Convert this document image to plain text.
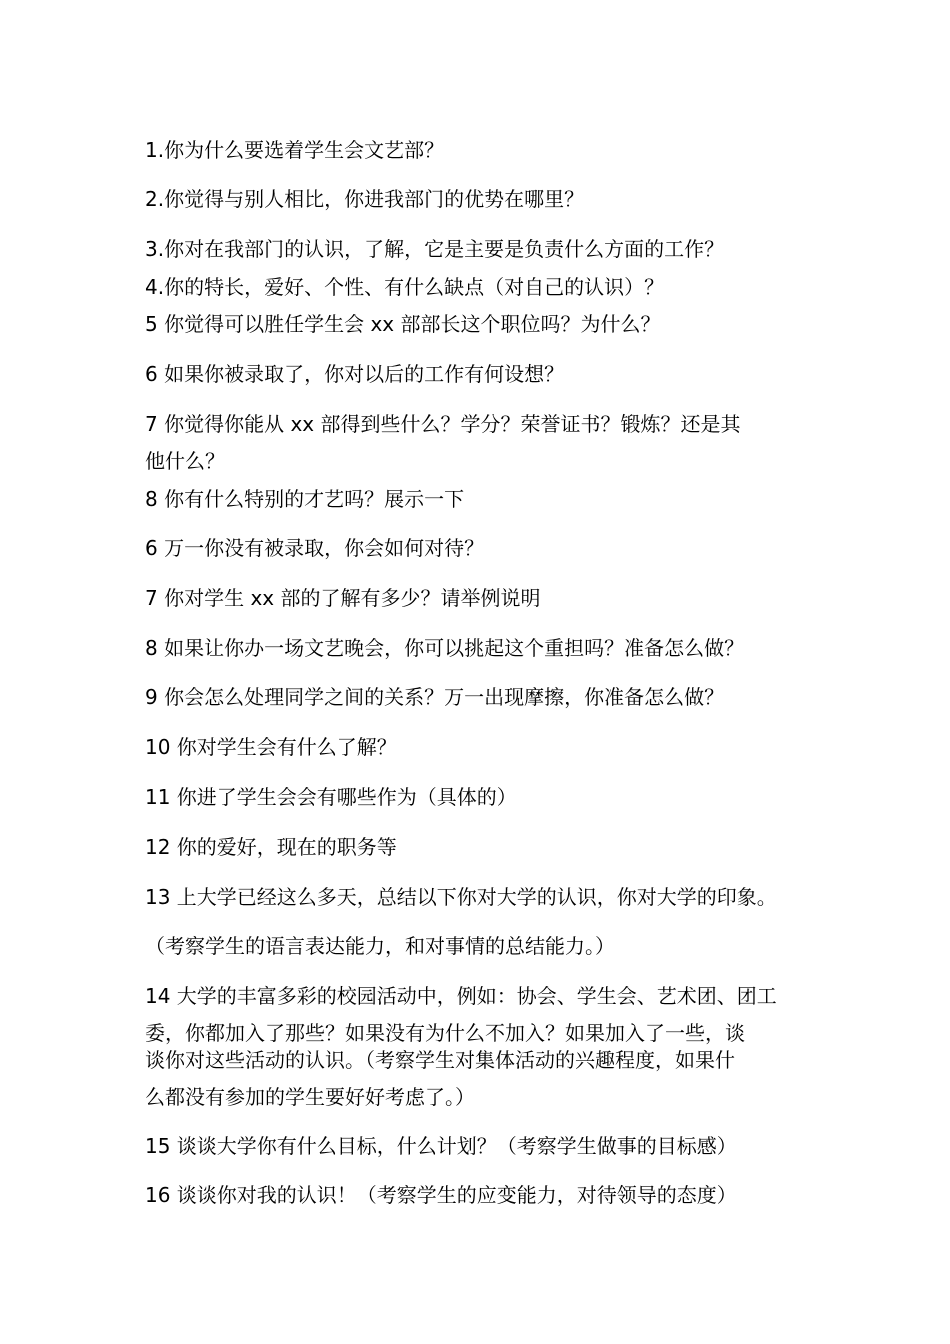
1.你为什么要选着学生会文艺部？

2.你觉得与别人相比，你进我部门的优势在哪里？

3.你对在我部门的认识，了解，它是主要是负责什么方面的工作？

4.你的特长，爱好、个性、有什么缺点（对自己的认识）？

5 你觉得可以胜任学生会 xx 部部长这个职位吗？为什么？

6 如果你被录取了，你对以后的工作有何设想？

7 你觉得你能从 xx 部得到些什么？学分？荣誉证书？锻炼？还是其

他什么？

8 你有什么特别的才艺吗？展示一下

6 万一你没有被录取，你会如何对待？

7 你对学生 xx 部的了解有多少？请举例说明

8 如果让你办一场文艺晚会，你可以挑起这个重担吗？准备怎么做？

9 你会怎么处理同学之间的关系？万一出现摩擦，你准备怎么做？

10 你对学生会有什么了解？

11 你进了学生会会有哪些作为（具体的）

12 你的爱好，现在的职务等

13 上大学已经这么多天，总结以下你对大学的认识，你对大学的印象。

（考察学生的语言表达能力，和对事情的总结能力。）

14 大学的丰富多彩的校园活动中，例如：协会、学生会、艺术团、团工

委，你都加入了那些？如果没有为什么不加入？如果加入了一些，谈

谈你对这些活动的认识。（考察学生对集体活动的兴趣程度，如果什

么都没有参加的学生要好好考虑了。）

15 谈谈大学你有什么目标，什么计划？（考察学生做事的目标感）

16 谈谈你对我的认识！（考察学生的应变能力，对待领导的态度）
